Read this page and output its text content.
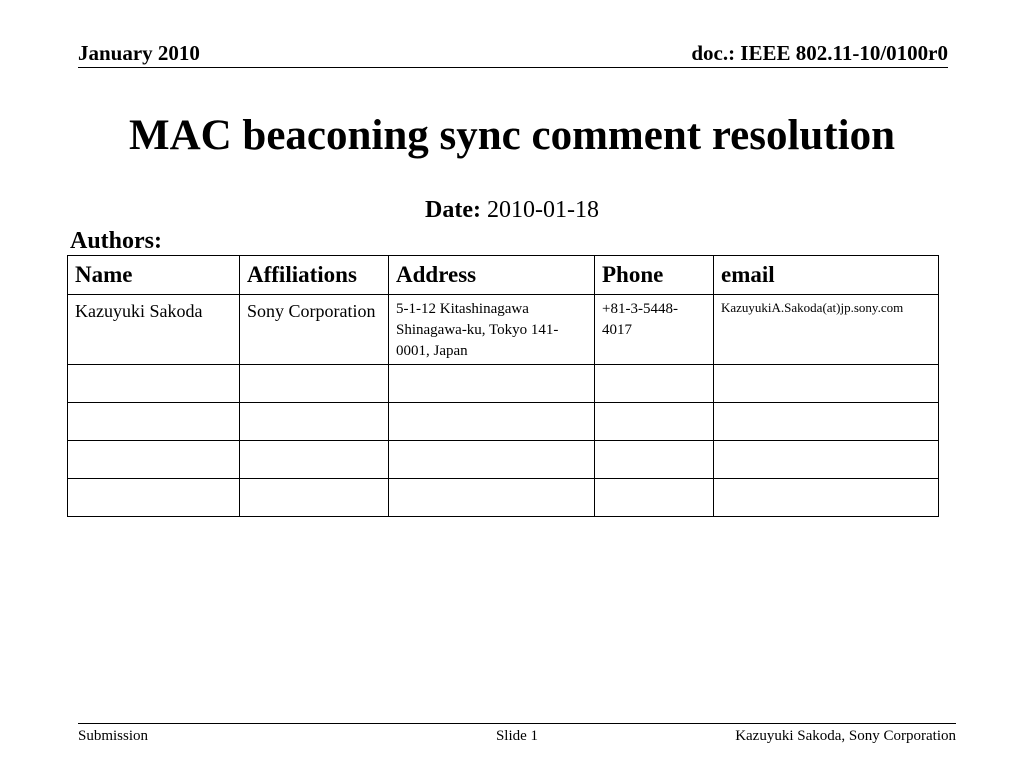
January 2010	doc.: IEEE 802.11-10/0100r0
MAC beaconing sync comment resolution
Date: 2010-01-18
Authors:
Name	Affiliations	Address	Phone	email
Kazuyuki Sakoda	Sony Corporation	5-1-12 Kitashinagawa Shinagawa-ku, Tokyo 141-0001, Japan	+81-3-5448-4017	KazuyukiA.Sakoda(at)jp.sony.com

Submission	Slide 1	Kazuyuki Sakoda, Sony Corporation
